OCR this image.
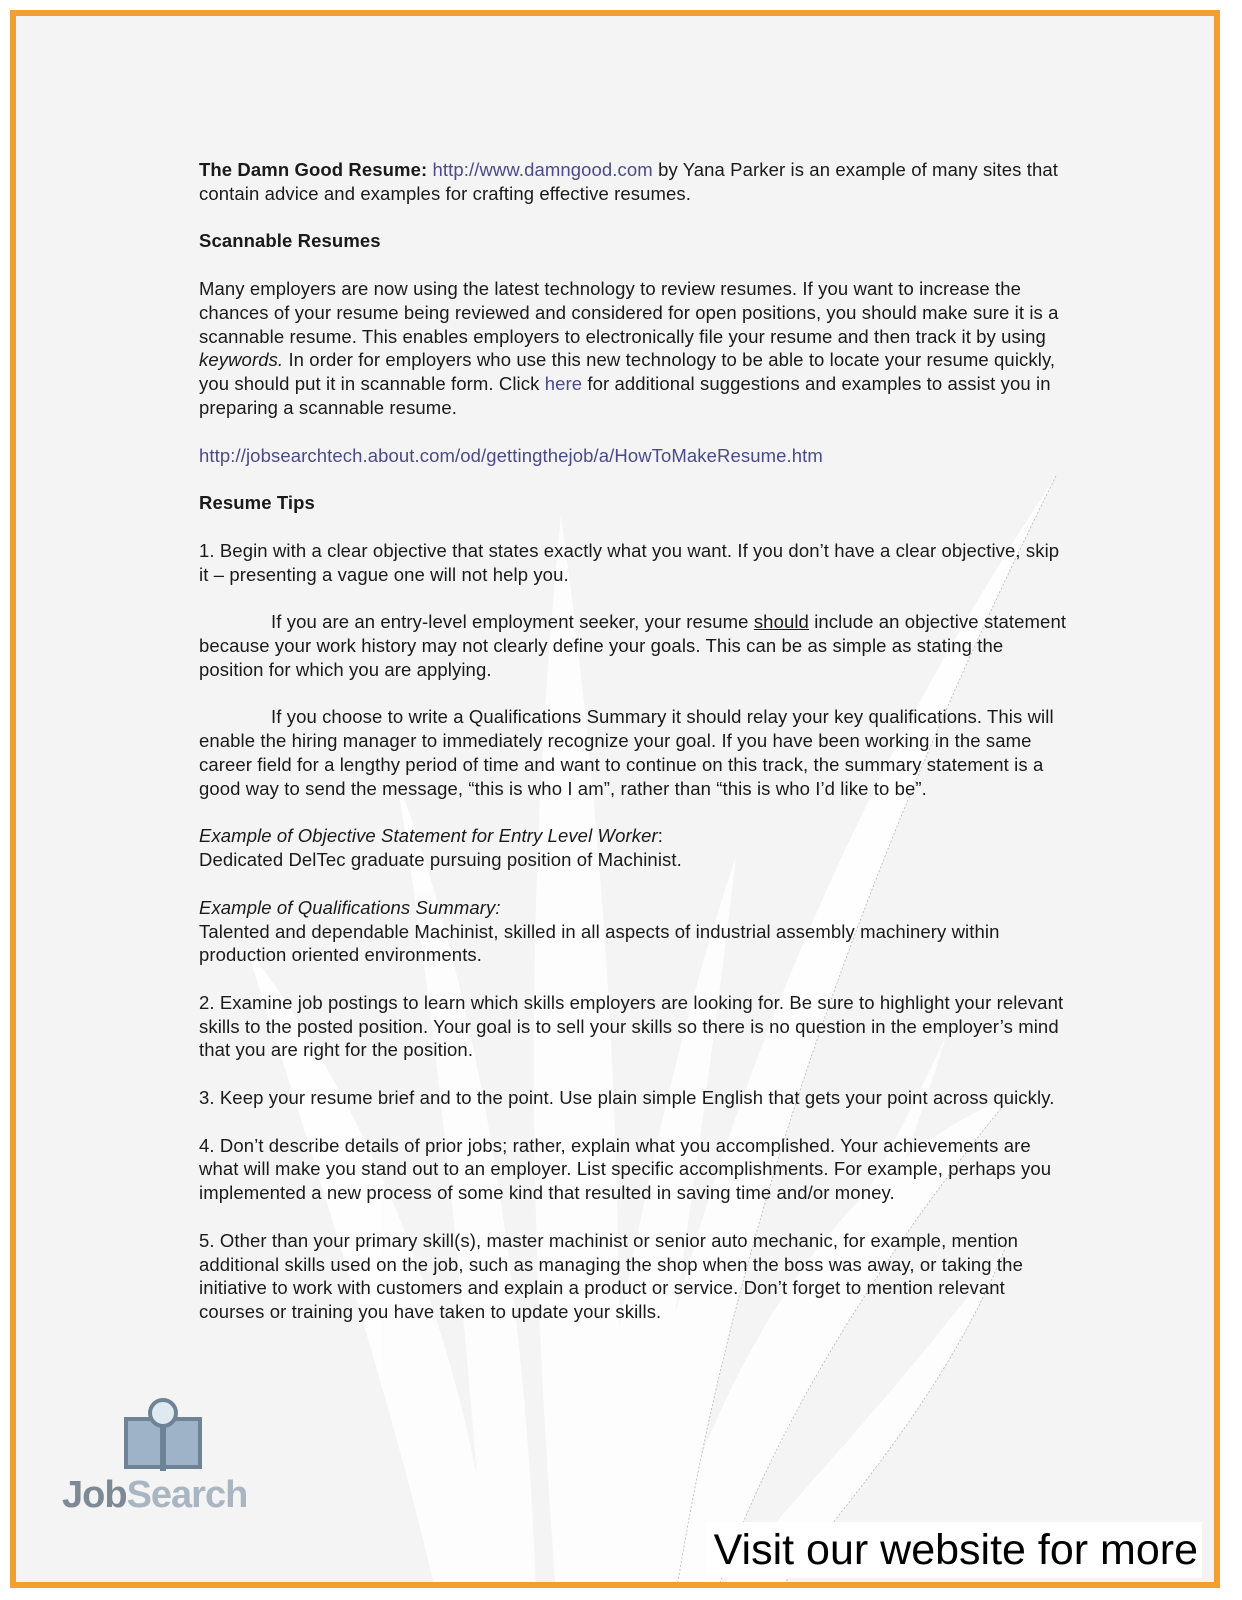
The Damn Good Resume: http://www.damngood.com by Yana Parker is an example of many sites that contain advice and examples for crafting effective resumes.

Scannable Resumes

Many employers are now using the latest technology to review resumes. If you want to increase the chances of your resume being reviewed and considered for open positions, you should make sure it is a scannable resume. This enables employers to electronically file your resume and then track it by using keywords. In order for employers who use this new technology to be able to locate your resume quickly, you should put it in scannable form. Click here for additional suggestions and examples to assist you in preparing a scannable resume.

http://jobsearchtech.about.com/od/gettingthejob/a/HowToMakeResume.htm

Resume Tips

1. Begin with a clear objective that states exactly what you want. If you don’t have a clear objective, skip it – presenting a vague one will not help you.

If you are an entry-level employment seeker, your resume should include an objective statement because your work history may not clearly define your goals. This can be as simple as stating the position for which you are applying.

If you choose to write a Qualifications Summary it should relay your key qualifications. This will enable the hiring manager to immediately recognize your goal. If you have been working in the same career field for a lengthy period of time and want to continue on this track, the summary statement is a good way to send the message, “this is who I am”, rather than “this is who I’d like to be”.

Example of Objective Statement for Entry Level Worker:
Dedicated DelTec graduate pursuing position of Machinist.

Example of Qualifications Summary:
Talented and dependable Machinist, skilled in all aspects of industrial assembly machinery within production oriented environments.

2. Examine job postings to learn which skills employers are looking for. Be sure to highlight your relevant skills to the posted position. Your goal is to sell your skills so there is no question in the employer’s mind that you are right for the position.

3. Keep your resume brief and to the point. Use plain simple English that gets your point across quickly.

4. Don’t describe details of prior jobs; rather, explain what you accomplished. Your achievements are what will make you stand out to an employer. List specific accomplishments. For example, perhaps you implemented a new process of some kind that resulted in saving time and/or money.

5. Other than your primary skill(s), master machinist or senior auto mechanic, for example, mention additional skills used on the job, such as managing the shop when the boss was away, or taking the initiative to work with customers and explain a product or service. Don’t forget to mention relevant courses or training you have taken to update your skills.

JobSearch
Visit our website for more
